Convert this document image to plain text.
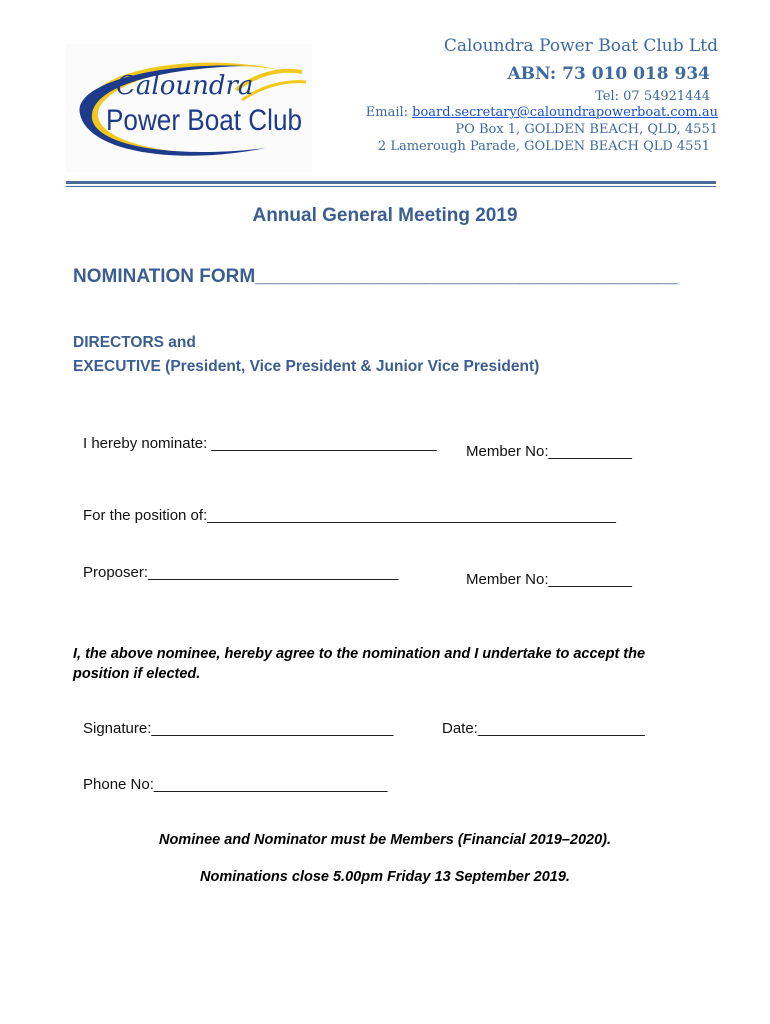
Caloundra
Power Boat Club
Caloundra Power Boat Club Ltd
ABN: 73 010 018 934
Tel: 07 54921444
Email: board.secretary@caloundrapowerboat.com.au
PO Box 1, GOLDEN BEACH, QLD, 4551
2 Lamerough Parade, GOLDEN BEACH QLD 4551
Annual General Meeting 2019
NOMINATION FORM________________________________________
DIRECTORS and
EXECUTIVE (President, Vice President & Junior Vice President)
I hereby nominate: ___________________________ Member No:__________
For the position of:_________________________________________________
Proposer:______________________________	Member No:__________
I, the above nominee, hereby agree to the nomination and I undertake to accept the position if elected.
Signature:_____________________________	Date:____________________
Phone No:____________________________
Nominee and Nominator must be Members (Financial 2019–2020).
Nominations close 5.00pm Friday 13 September 2019.
